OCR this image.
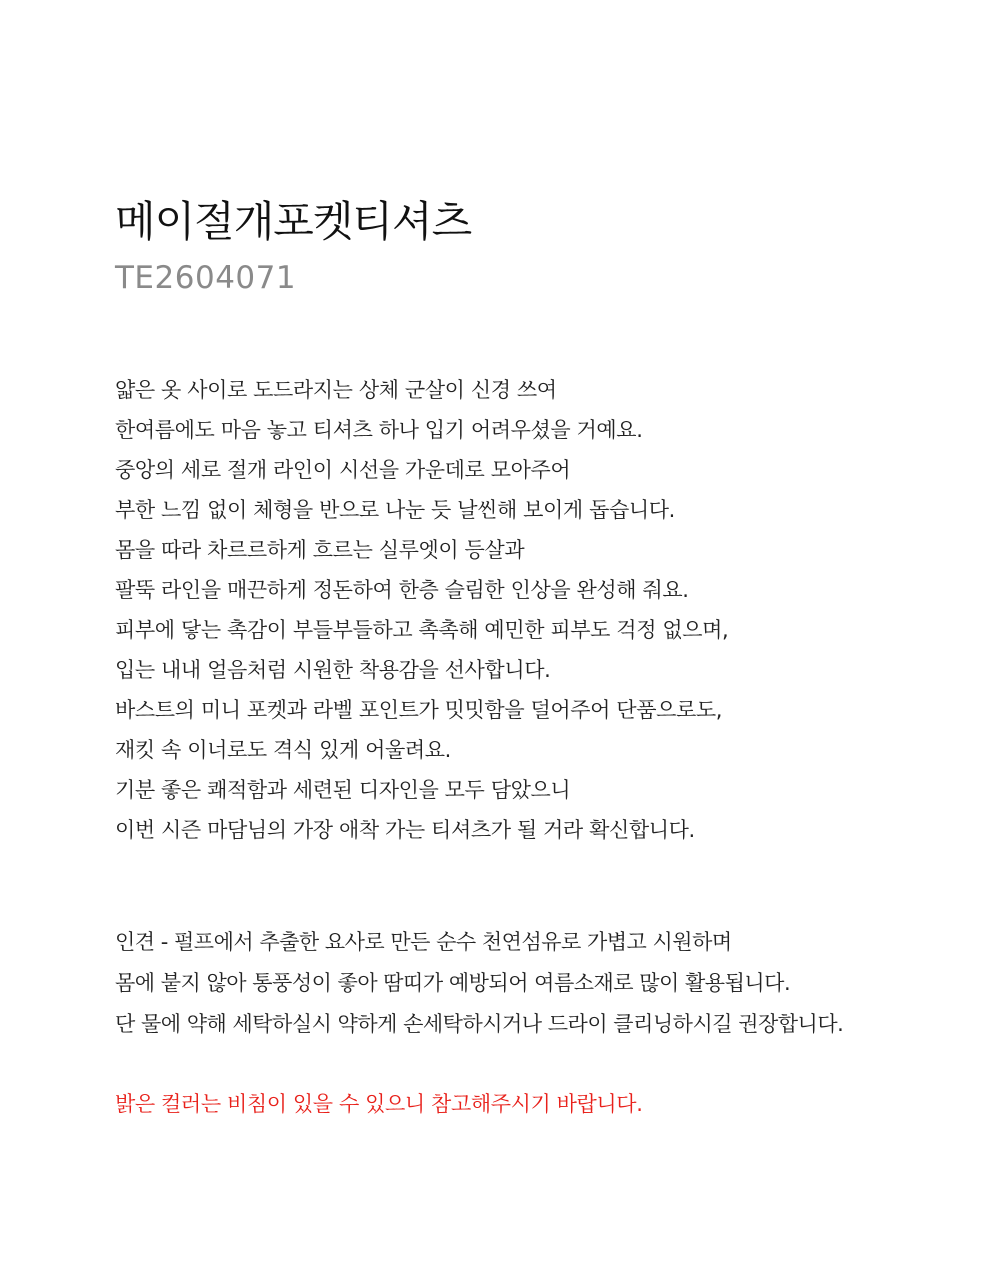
메이절개포켓티셔츠
TE2604071
얇은 옷 사이로 도드라지는 상체 군살이 신경 쓰여
한여름에도 마음 놓고 티셔츠 하나 입기 어려우셨을 거예요.
중앙의 세로 절개 라인이 시선을 가운데로 모아주어
부한 느낌 없이 체형을 반으로 나눈 듯 날씬해 보이게 돕습니다.
몸을 따라 차르르하게 흐르는 실루엣이 등살과
팔뚝 라인을 매끈하게 정돈하여 한층 슬림한 인상을 완성해 줘요.
피부에 닿는 촉감이 부들부들하고 촉촉해 예민한 피부도 걱정 없으며,
입는 내내 얼음처럼 시원한 착용감을 선사합니다.
바스트의 미니 포켓과 라벨 포인트가 밋밋함을 덜어주어 단품으로도,
재킷 속 이너로도 격식 있게 어울려요.
기분 좋은 쾌적함과 세련된 디자인을 모두 담았으니
이번 시즌 마담님의 가장 애착 가는 티셔츠가 될 거라 확신합니다.
인견 - 펄프에서 추출한 요사로 만든 순수 천연섬유로 가볍고 시원하며
몸에 붙지 않아 통풍성이 좋아 땀띠가 예방되어 여름소재로 많이 활용됩니다.
단 물에 약해 세탁하실시 약하게 손세탁하시거나 드라이 클리닝하시길 권장합니다.
밝은 컬러는 비침이 있을 수 있으니 참고해주시기 바랍니다.
